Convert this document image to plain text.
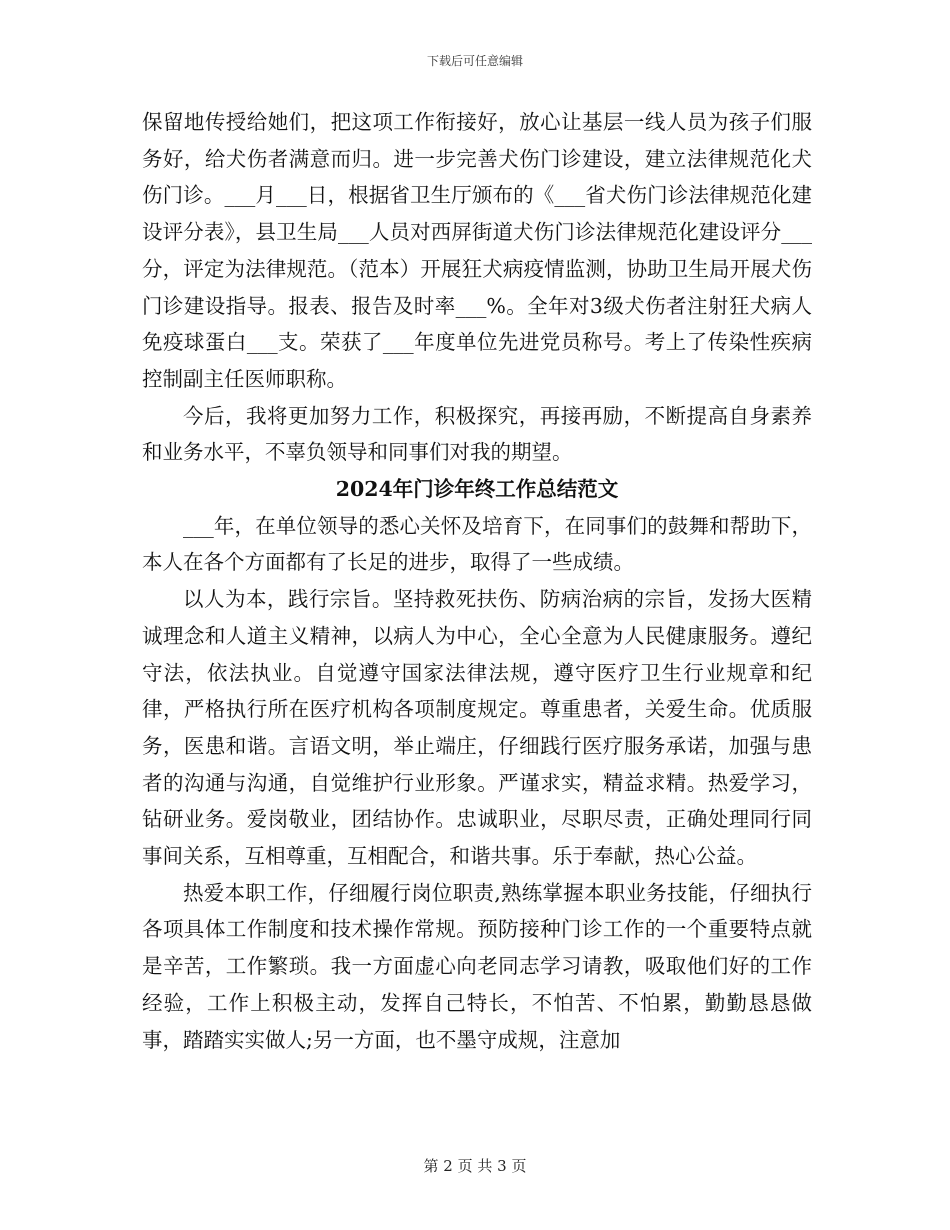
下载后可任意编辑

保留地传授给她们，把这项工作衔接好，放心让基层一线人员为孩子们服务好，给犬伤者满意而归。进一步完善犬伤门诊建设，建立法律规范化犬伤门诊。___月___日，根据省卫生厅颁布的《___省犬伤门诊法律规范化建设评分表》，县卫生局___人员对西屏街道犬伤门诊法律规范化建设评分___分，评定为法律规范。（范本）开展狂犬病疫情监测，协助卫生局开展犬伤门诊建设指导。报表、报告及时率___%。全年对3级犬伤者注射狂犬病人免疫球蛋白___支。荣获了___年度单位先进党员称号。考上了传染性疾病控制副主任医师职称。

今后，我将更加努力工作，积极探究，再接再励，不断提高自身素养和业务水平，不辜负领导和同事们对我的期望。

2024年门诊年终工作总结范文

___年，在单位领导的悉心关怀及培育下，在同事们的鼓舞和帮助下，本人在各个方面都有了长足的进步，取得了一些成绩。

以人为本，践行宗旨。坚持救死扶伤、防病治病的宗旨，发扬大医精诚理念和人道主义精神，以病人为中心，全心全意为人民健康服务。遵纪守法，依法执业。自觉遵守国家法律法规，遵守医疗卫生行业规章和纪律，严格执行所在医疗机构各项制度规定。尊重患者，关爱生命。优质服务，医患和谐。言语文明，举止端庄，仔细践行医疗服务承诺，加强与患者的沟通与沟通，自觉维护行业形象。严谨求实，精益求精。热爱学习，钻研业务。爱岗敬业，团结协作。忠诚职业，尽职尽责，正确处理同行同事间关系，互相尊重，互相配合，和谐共事。乐于奉献，热心公益。

热爱本职工作，仔细履行岗位职责,熟练掌握本职业务技能，仔细执行各项具体工作制度和技术操作常规。预防接种门诊工作的一个重要特点就是辛苦，工作繁琐。我一方面虚心向老同志学习请教，吸取他们好的工作经验，工作上积极主动，发挥自己特长，不怕苦、不怕累，勤勤恳恳做事，踏踏实实做人;另一方面，也不墨守成规，注意加

第 2 页 共 3 页
